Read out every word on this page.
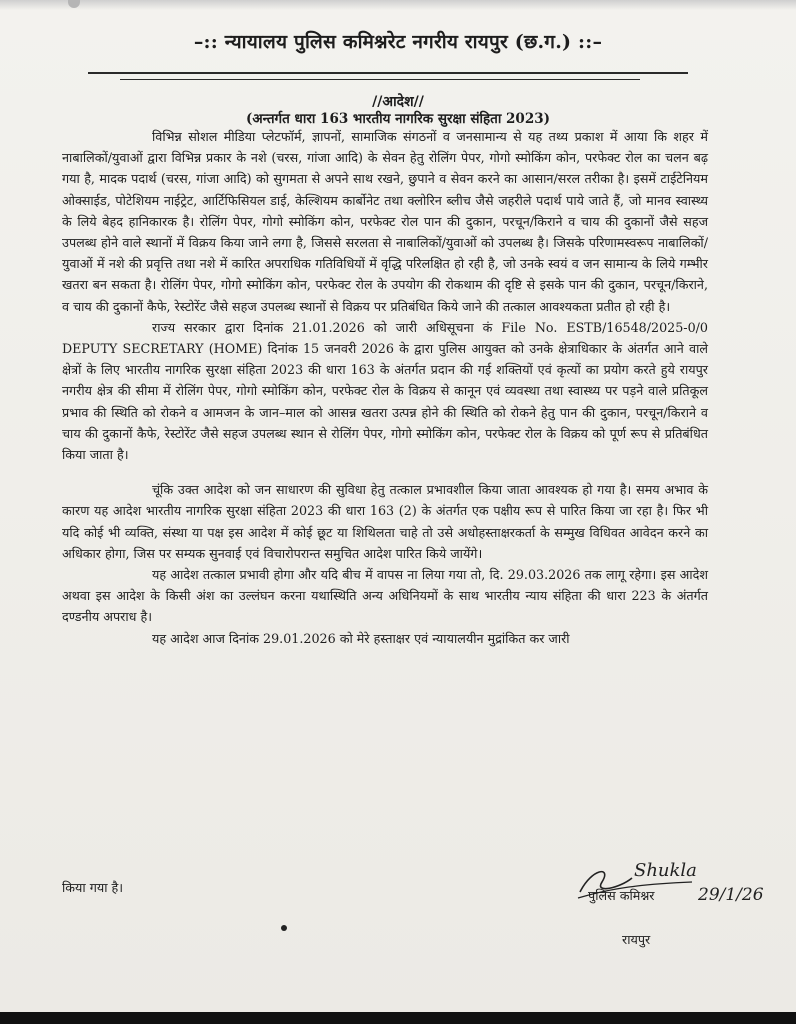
–:: न्यायालय पुलिस कमिश्नरेट नगरीय रायपुर (छ.ग.) ::–
//आदेश//
(अन्तर्गत धारा 163 भारतीय नागरिक सुरक्षा संहिता 2023)

विभिन्न सोशल मीडिया प्लेटफॉर्म, ज्ञापनों, सामाजिक संगठनों व जनसामान्य से यह तथ्य प्रकाश में आया कि शहर में नाबालिकों/युवाओं द्वारा विभिन्न प्रकार के नशे (चरस, गांजा आदि) के सेवन हेतु रोलिंग पेपर, गोगो स्मोकिंग कोन, परफेक्ट रोल का चलन बढ़ गया है, मादक पदार्थ (चरस, गांजा आदि) को सुगमता से अपने साथ रखने, छुपाने व सेवन करने का आसान/सरल तरीका है। इसमें टाईटेनियम ओक्साईड, पोटेशियम नाईट्रेट, आर्टिफिसियल डाई, केल्शियम कार्बोनेट तथा क्लोरिन ब्लीच जैसे जहरीले पदार्थ पाये जाते हैं, जो मानव स्वास्थ्य के लिये बेहद हानिकारक है। रोलिंग पेपर, गोगो स्मोकिंग कोन, परफेक्ट रोल पान की दुकान, परचून/किराने व चाय की दुकानों जैसे सहज उपलब्ध होने वाले स्थानों में विक्रय किया जाने लगा है, जिससे सरलता से नाबालिकों/युवाओं को उपलब्ध है। जिसके परिणामस्वरूप नाबालिकों/युवाओं में नशे की प्रवृत्ति तथा नशे में कारित अपराधिक गतिविधियों में वृद्धि परिलक्षित हो रही है, जो उनके स्वयं व जन सामान्य के लिये गम्भीर खतरा बन सकता है। रोलिंग पेपर, गोगो स्मोकिंग कोन, परफेक्ट रोल के उपयोग की रोकथाम की दृष्टि से इसके पान की दुकान, परचून/किराने, व चाय की दुकानों कैफे, रेस्टोरेंट जैसे सहज उपलब्ध स्थानों से विक्रय पर प्रतिबंधित किये जाने की तत्काल आवश्यकता प्रतीत हो रही है।

राज्य सरकार द्वारा दिनांक 21.01.2026 को जारी अधिसूचना कं File No. ESTB/16548/2025-0/0 DEPUTY SECRETARY (HOME) दिनांक 15 जनवरी 2026 के द्वारा पुलिस आयुक्त को उनके क्षेत्राधिकार के अंतर्गत आने वाले क्षेत्रों के लिए भारतीय नागरिक सुरक्षा संहिता 2023 की धारा 163 के अंतर्गत प्रदान की गई शक्तियों एवं कृत्यों का प्रयोग करते हुये रायपुर नगरीय क्षेत्र की सीमा में रोलिंग पेपर, गोगो स्मोकिंग कोन, परफेक्ट रोल के विक्रय से कानून एवं व्यवस्था तथा स्वास्थ्य पर पड़ने वाले प्रतिकूल प्रभाव की स्थिति को रोकने व आमजन के जान–माल को आसन्न खतरा उत्पन्न होने की स्थिति को रोकने हेतु पान की दुकान, परचून/किराने व चाय की दुकानों कैफे, रेस्टोरेंट जैसे सहज उपलब्ध स्थान से रोलिंग पेपर, गोगो स्मोकिंग कोन, परफेक्ट रोल के विक्रय को पूर्ण रूप से प्रतिबंधित किया जाता है।

चूंकि उक्त आदेश को जन साधारण की सुविधा हेतु तत्काल प्रभावशील किया जाता आवश्यक हो गया है। समय अभाव के कारण यह आदेश भारतीय नागरिक सुरक्षा संहिता 2023 की धारा 163 (2) के अंतर्गत एक पक्षीय रूप से पारित किया जा रहा है। फिर भी यदि कोई भी व्यक्ति, संस्था या पक्ष इस आदेश में कोई छूट या शिथिलता चाहे तो उसे अधोहस्ताक्षरकर्ता के सम्मुख विधिवत आवेदन करने का अधिकार होगा, जिस पर सम्यक सुनवाई एवं विचारोपरान्त समुचित आदेश पारित किये जायेंगे।

यह आदेश तत्काल प्रभावी होगा और यदि बीच में वापस ना लिया गया तो, दि. 29.03.2026 तक लागू रहेगा। इस आदेश अथवा इस आदेश के किसी अंश का उल्लंघन करना यथास्थिति अन्य अधिनियमों के साथ भारतीय न्याय संहिता की धारा 223 के अंतर्गत दण्डनीय अपराध है।

यह आदेश आज दिनांक 29.01.2026 को मेरे हस्ताक्षर एवं न्यायालयीन मुद्रांकित कर जारी

किया गया है।
Shukla
29/1/26
पुलिस कमिश्नर
रायपुर
